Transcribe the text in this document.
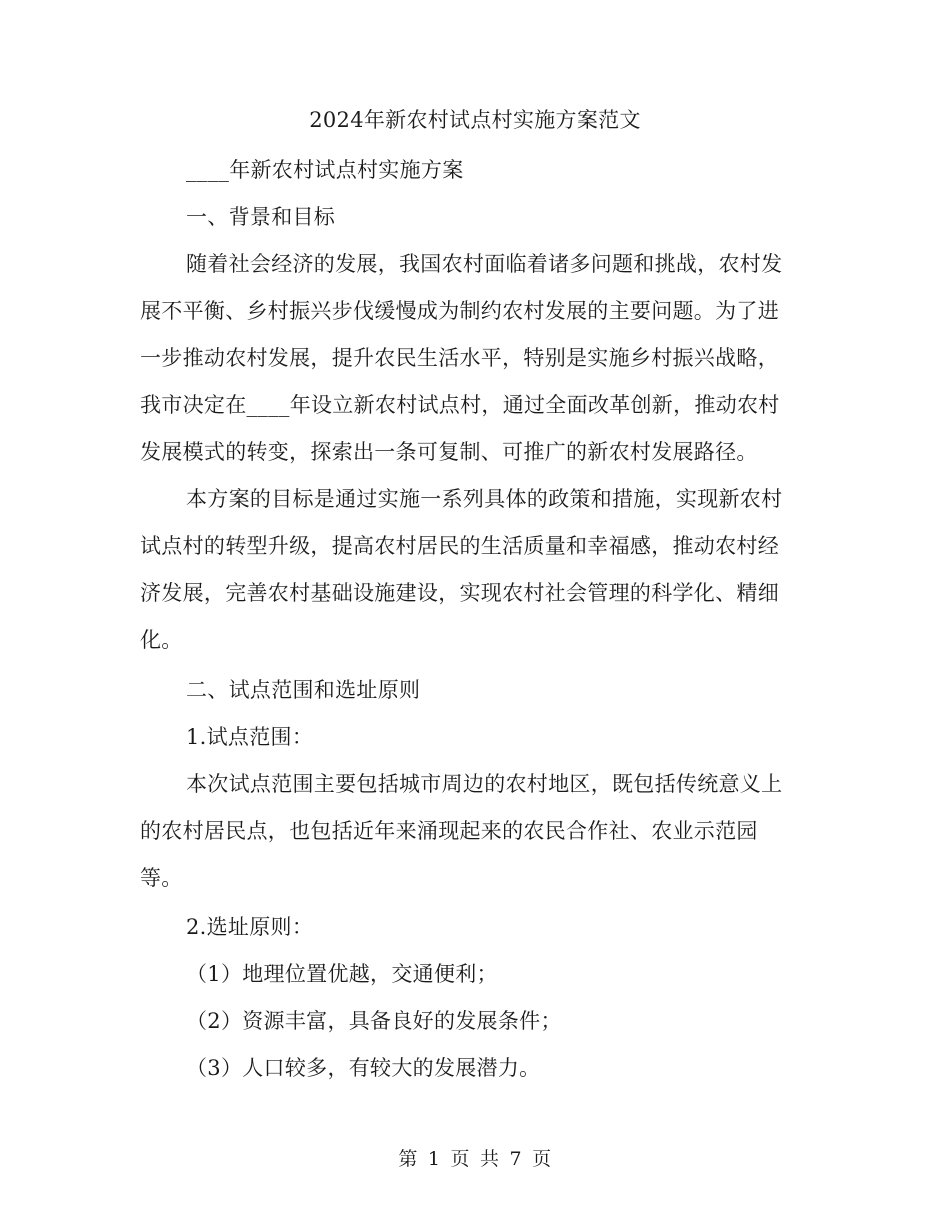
2024年新农村试点村实施方案范文
____年新农村试点村实施方案
一、背景和目标
随着社会经济的发展，我国农村面临着诸多问题和挑战，农村发
展不平衡、乡村振兴步伐缓慢成为制约农村发展的主要问题。为了进
一步推动农村发展，提升农民生活水平，特别是实施乡村振兴战略，
我市决定在____年设立新农村试点村，通过全面改革创新，推动农村
发展模式的转变，探索出一条可复制、可推广的新农村发展路径。
本方案的目标是通过实施一系列具体的政策和措施，实现新农村
试点村的转型升级，提高农村居民的生活质量和幸福感，推动农村经
济发展，完善农村基础设施建设，实现农村社会管理的科学化、精细
化。
二、试点范围和选址原则
1.试点范围：
本次试点范围主要包括城市周边的农村地区，既包括传统意义上
的农村居民点，也包括近年来涌现起来的农民合作社、农业示范园
等。
2.选址原则：
（1）地理位置优越，交通便利；
（2）资源丰富，具备良好的发展条件；
（3）人口较多，有较大的发展潜力。
第 1 页 共 7 页
